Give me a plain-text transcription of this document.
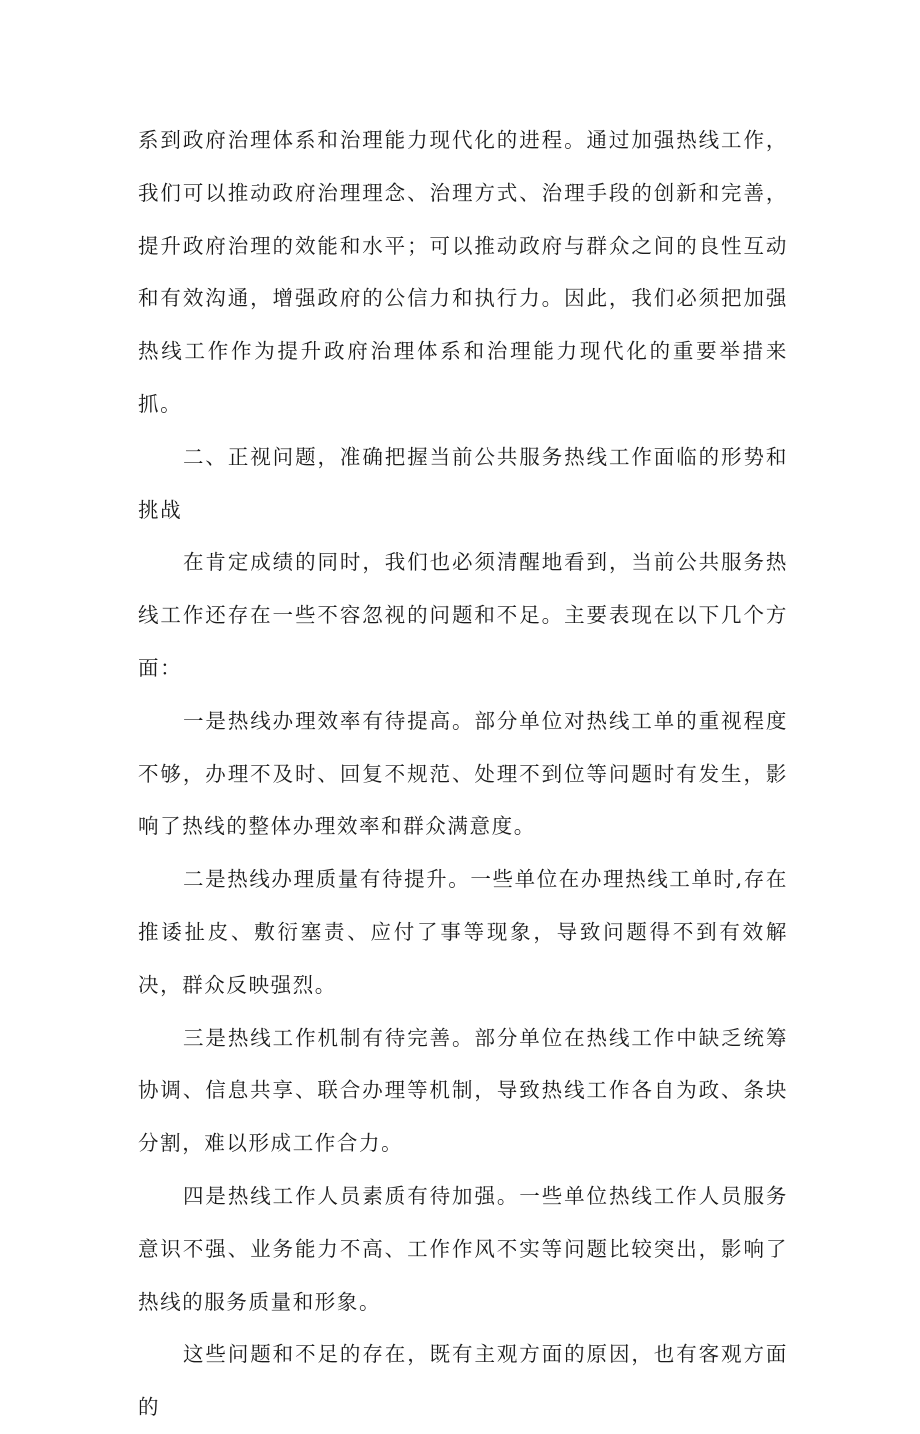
系到政府治理体系和治理能力现代化的进程。通过加强热线工作，我们可以推动政府治理理念、治理方式、治理手段的创新和完善，提升政府治理的效能和水平；可以推动政府与群众之间的良性互动和有效沟通，增强政府的公信力和执行力。因此，我们必须把加强热线工作作为提升政府治理体系和治理能力现代化的重要举措来抓。

二、正视问题，准确把握当前公共服务热线工作面临的形势和挑战

在肯定成绩的同时，我们也必须清醒地看到，当前公共服务热线工作还存在一些不容忽视的问题和不足。主要表现在以下几个方面：

一是热线办理效率有待提高。部分单位对热线工单的重视程度不够，办理不及时、回复不规范、处理不到位等问题时有发生，影响了热线的整体办理效率和群众满意度。

二是热线办理质量有待提升。一些单位在办理热线工单时,存在推诿扯皮、敷衍塞责、应付了事等现象，导致问题得不到有效解决，群众反映强烈。

三是热线工作机制有待完善。部分单位在热线工作中缺乏统筹协调、信息共享、联合办理等机制，导致热线工作各自为政、条块分割，难以形成工作合力。

四是热线工作人员素质有待加强。一些单位热线工作人员服务意识不强、业务能力不高、工作作风不实等问题比较突出，影响了热线的服务质量和形象。

这些问题和不足的存在，既有主观方面的原因，也有客观方面的
